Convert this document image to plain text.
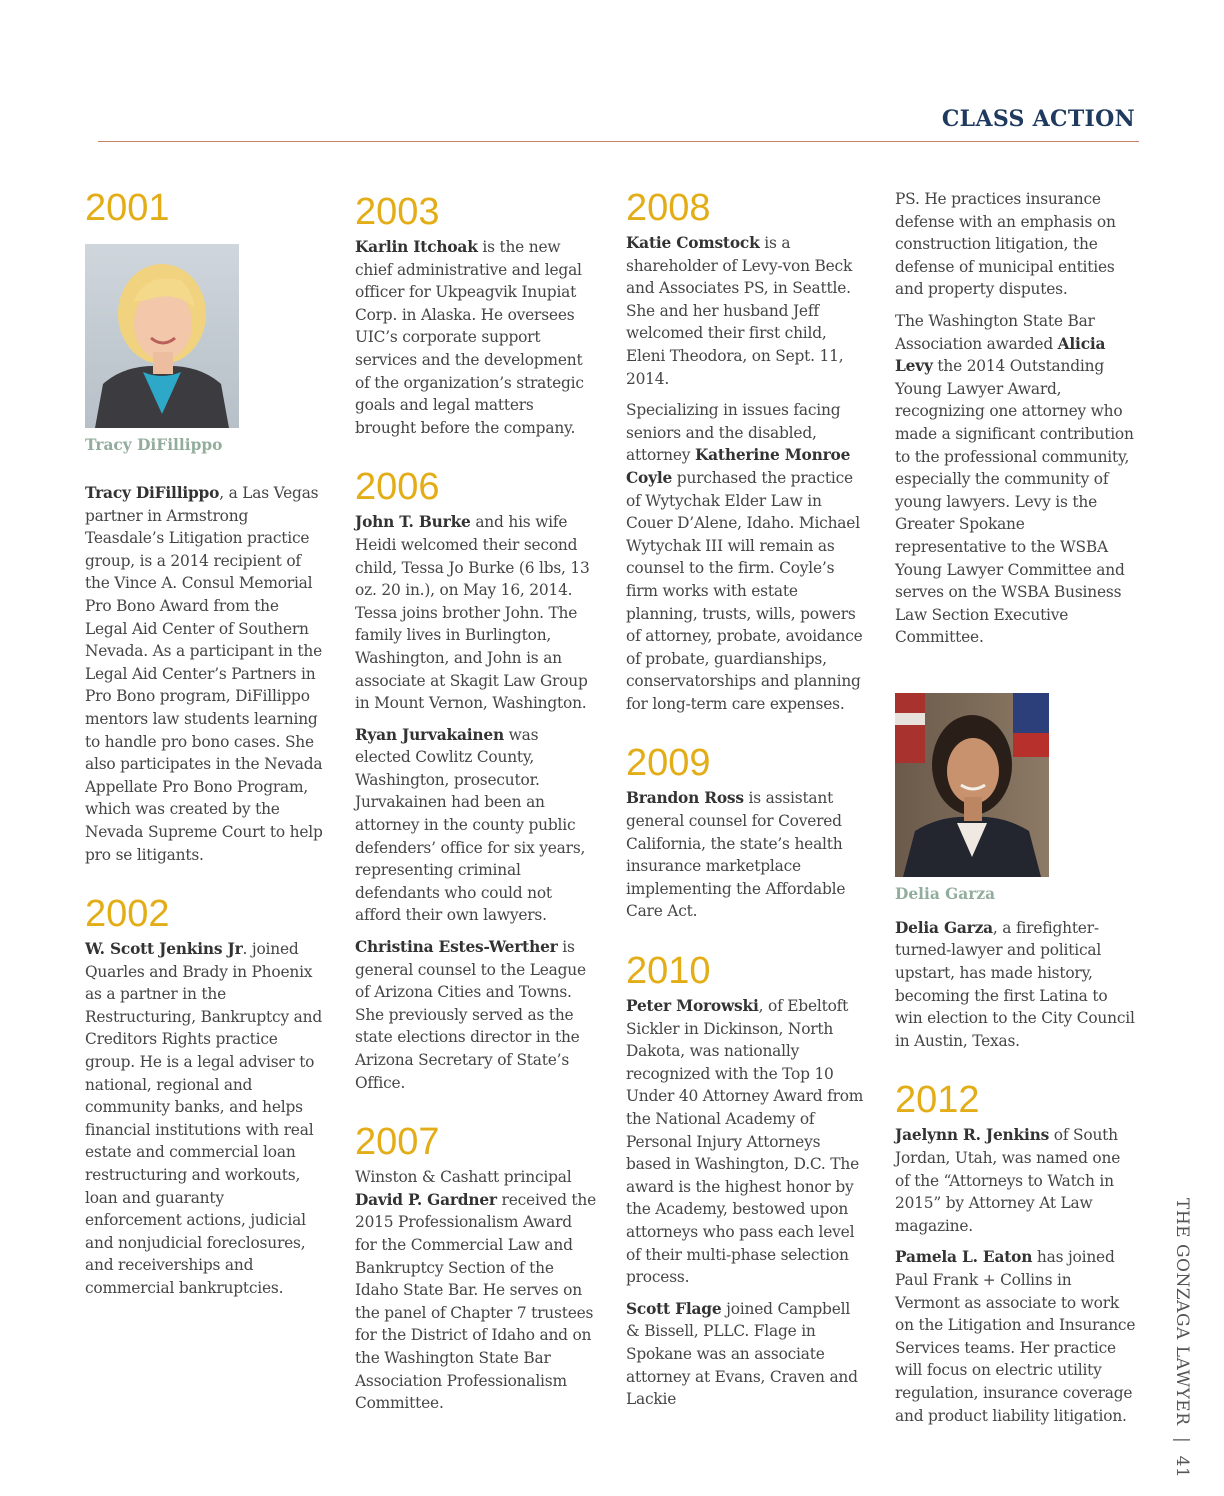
CLASS ACTION
2001
Tracy DiFillippo

Tracy DiFillippo, a Las Vegas partner in Armstrong Teasdale’s Litigation practice group, is a 2014 recipient of the Vince A. Consul Memorial Pro Bono Award from the Legal Aid Center of Southern Nevada. As a participant in the Legal Aid Center’s Partners in Pro Bono program, DiFillippo mentors law students learning to handle pro bono cases. She also participates in the Nevada Appellate Pro Bono Program, which was created by the Nevada Supreme Court to help pro se litigants.

2002

W. Scott Jenkins Jr. joined Quarles and Brady in Phoenix as a partner in the Restructuring, Bankruptcy and Creditors Rights practice group. He is a legal adviser to national, regional and community banks, and helps financial institutions with real estate and commercial loan restructuring and workouts, loan and guaranty enforcement actions, judicial and nonjudicial foreclosures, and receiverships and commercial bankruptcies.

2003

Karlin Itchoak is the new chief administrative and legal officer for Ukpeagvik Inupiat Corp. in Alaska. He oversees UIC’s corporate support services and the development of the organization’s strategic goals and legal matters brought before the company.

2006

John T. Burke and his wife Heidi welcomed their second child, Tessa Jo Burke (6 lbs, 13 oz. 20 in.), on May 16, 2014. Tessa joins brother John. The family lives in Burlington, Washington, and John is an associate at Skagit Law Group in Mount Vernon, Washington.

Ryan Jurvakainen was elected Cowlitz County, Washington, prosecutor. Jurvakainen had been an attorney in the county public defenders’ office for six years, representing criminal defendants who could not afford their own lawyers.

Christina Estes-Werther is general counsel to the League of Arizona Cities and Towns. She previously served as the state elections director in the Arizona Secretary of State’s Office.

2007

Winston & Cashatt principal David P. Gardner received the 2015 Professionalism Award for the Commercial Law and Bankruptcy Section of the Idaho State Bar. He serves on the panel of Chapter 7 trustees for the District of Idaho and on the Washington State Bar Association Professionalism Committee.

2008

Katie Comstock is a shareholder of Levy-von Beck and Associates PS, in Seattle. She and her husband Jeff welcomed their first child, Eleni Theodora, on Sept. 11, 2014.

Specializing in issues facing seniors and the disabled, attorney Katherine Monroe Coyle purchased the practice of Wytychak Elder Law in Couer D’Alene, Idaho. Michael Wytychak III will remain as counsel to the firm. Coyle’s firm works with estate planning, trusts, wills, powers of attorney, probate, avoidance of probate, guardianships, conservatorships and planning for long-term care expenses.

2009

Brandon Ross is assistant general counsel for Covered California, the state’s health insurance marketplace implementing the Affordable Care Act.

2010

Peter Morowski, of Ebeltoft Sickler in Dickinson, North Dakota, was nationally recognized with the Top 10 Under 40 Attorney Award from the National Academy of Personal Injury Attorneys based in Washington, D.C. The award is the highest honor by the Academy, bestowed upon attorneys who pass each level of their multi-phase selection process.

Scott Flage joined Campbell & Bissell, PLLC. Flage in Spokane was an associate attorney at Evans, Craven and Lackie

PS. He practices insurance defense with an emphasis on construction litigation, the defense of municipal entities and property disputes.

The Washington State Bar Association awarded Alicia Levy the 2014 Outstanding Young Lawyer Award, recognizing one attorney who made a significant contribution to the professional community, especially the community of young lawyers. Levy is the Greater Spokane representative to the WSBA Young Lawyer Committee and serves on the WSBA Business Law Section Executive Committee.

Delia Garza

Delia Garza, a firefighter-turned-lawyer and political upstart, has made history, becoming the first Latina to win election to the City Council in Austin, Texas.

2012

Jaelynn R. Jenkins of South Jordan, Utah, was named one of the “Attorneys to Watch in 2015” by Attorney At Law magazine.

Pamela L. Eaton has joined Paul Frank + Collins in Vermont as associate to work on the Litigation and Insurance Services teams. Her practice will focus on electric utility regulation, insurance coverage and product liability litigation.	THE GONZAGA LAWYER | 41
